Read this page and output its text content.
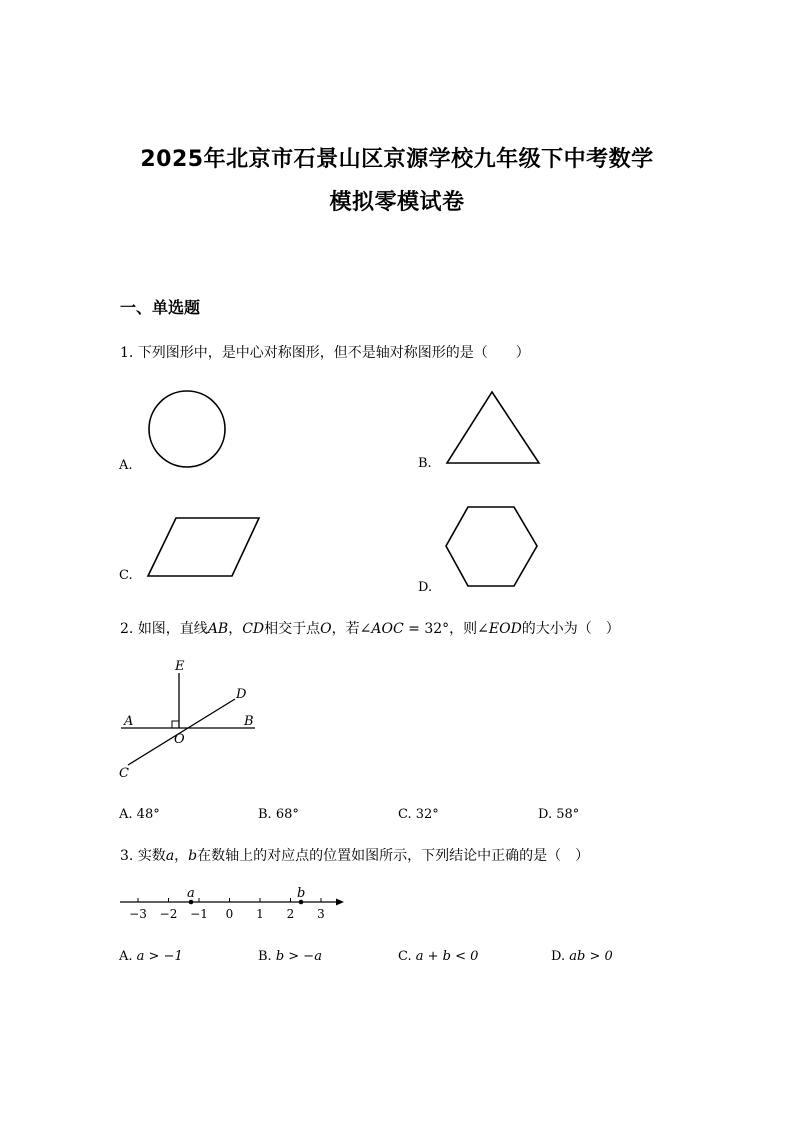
2025年北京市石景山区京源学校九年级下中考数学
模拟零模试卷
一、单选题
1. 下列图形中，是中心对称图形，但不是轴对称图形的是（　　）
A.	B.
C.
D.
2. 如图，直线AB，CD相交于点O，若∠AOC = 32°，则∠EOD的大小为（　）
E
D
A	B
O
C
A. 48°	B. 68°	C. 32°	D. 58°
3. 实数a，b在数轴上的对应点的位置如图所示，下列结论中正确的是（　）
−3 −2 −1 0 1 2 3
a	b
A. a > −1	B. b > −a	C. a + b < 0	D. ab > 0
